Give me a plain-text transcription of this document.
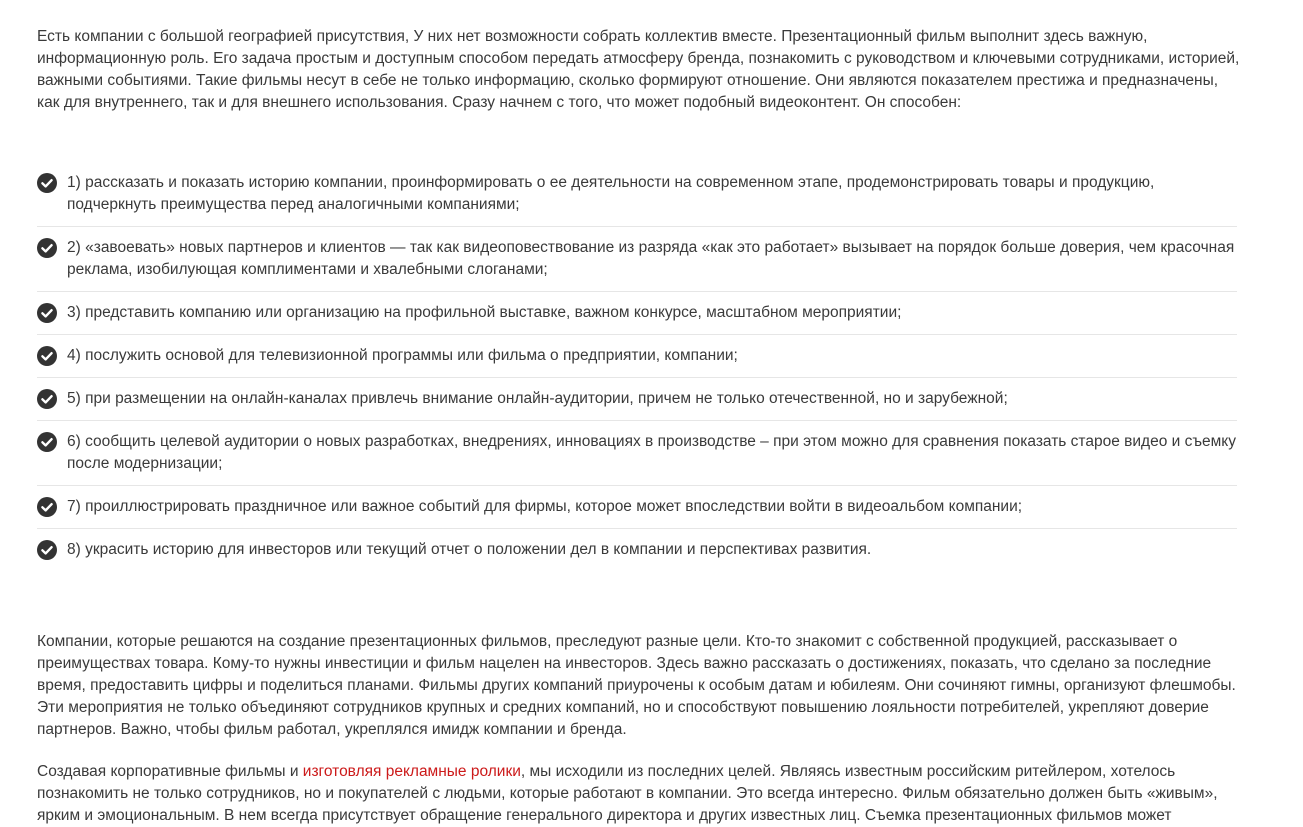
Есть компании с большой географией присутствия, У них нет возможности собрать коллектив вместе. Презентационный фильм выполнит здесь важную, информационную роль. Его задача простым и доступным способом передать атмосферу бренда, познакомить с руководством и ключевыми сотрудниками, историей, важными событиями. Такие фильмы несут в себе не только информацию, сколько формируют отношение. Они являются показателем престижа и предназначены, как для внутреннего, так и для внешнего использования. Сразу начнем с того, что может подобный видеоконтент. Он способен:

1) рассказать и показать историю компании, проинформировать о ее деятельности на современном этапе, продемонстрировать товары и продукцию, подчеркнуть преимущества перед аналогичными компаниями;
2) «завоевать» новых партнеров и клиентов — так как видеоповествование из разряда «как это работает» вызывает на порядок больше доверия, чем красочная реклама, изобилующая комплиментами и хвалебными слоганами;
3) представить компанию или организацию на профильной выставке, важном конкурсе, масштабном мероприятии;
4) послужить основой для телевизионной программы или фильма о предприятии, компании;
5) при размещении на онлайн-каналах привлечь внимание онлайн-аудитории, причем не только отечественной, но и зарубежной;
6) сообщить целевой аудитории о новых разработках, внедрениях, инновациях в производстве – при этом можно для сравнения показать старое видео и съемку после модернизации;
7) проиллюстрировать праздничное или важное событий для фирмы, которое может впоследствии войти в видеоальбом компании;
8) украсить историю для инвесторов или текущий отчет о положении дел в компании и перспективах развития.

Компании, которые решаются на создание презентационных фильмов, преследуют разные цели. Кто-то знакомит с собственной продукцией, рассказывает о преимуществах товара. Кому-то нужны инвестиции и фильм нацелен на инвесторов. Здесь важно рассказать о достижениях, показать, что сделано за последние время, предоставить цифры и поделиться планами. Фильмы других компаний приурочены к особым датам и юбилеям. Они сочиняют гимны, организуют флешмобы. Эти мероприятия не только объединяют сотрудников крупных и средних компаний, но и способствуют повышению лояльности потребителей, укрепляют доверие партнеров. Важно, чтобы фильм работал, укреплялся имидж компании и бренда.

Создавая корпоративные фильмы и изготовляя рекламные ролики, мы исходили из последних целей. Являясь известным российским ритейлером, хотелось познакомить не только сотрудников, но и покупателей с людьми, которые работают в компании. Это всегда интересно. Фильм обязательно должен быть «живым», ярким и эмоциональным. В нем всегда присутствует обращение генерального директора и других известных лиц. Съемка презентационных фильмов может
